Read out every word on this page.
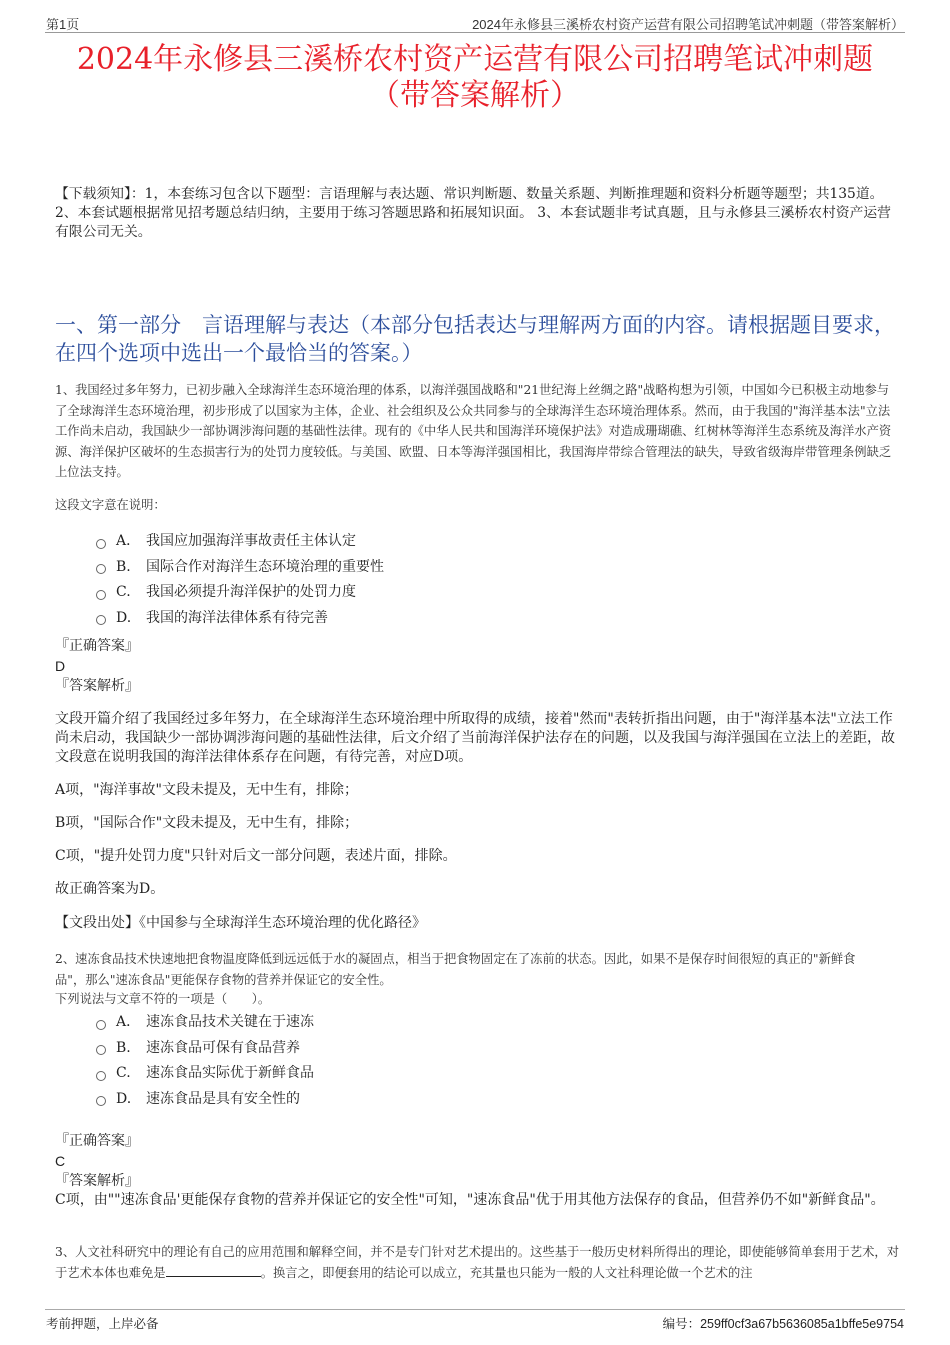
第1页	2024年永修县三溪桥农村资产运营有限公司招聘笔试冲刺题（带答案解析）
2024年永修县三溪桥农村资产运营有限公司招聘笔试冲刺题
（带答案解析）
【下载须知】：1，本套练习包含以下题型：言语理解与表达题、常识判断题、数量关系题、判断推理题和资料分析题等题型；共135道。 2、本套试题根据常见招考题总结归纳，主要用于练习答题思路和拓展知识面。 3、本套试题非考试真题，且与永修县三溪桥农村资产运营有限公司无关。
一、第一部分　言语理解与表达（本部分包括表达与理解两方面的内容。请根据题目要求，在四个选项中选出一个最恰当的答案。）
1、我国经过多年努力，已初步融入全球海洋生态环境治理的体系，以海洋强国战略和"21世纪海上丝绸之路"战略构想为引领，中国如今已积极主动地参与了全球海洋生态环境治理，初步形成了以国家为主体，企业、社会组织及公众共同参与的全球海洋生态环境治理体系。然而，由于我国的"海洋基本法"立法工作尚未启动，我国缺少一部协调涉海问题的基础性法律。现有的《中华人民共和国海洋环境保护法》对造成珊瑚礁、红树林等海洋生态系统及海洋水产资源、海洋保护区破坏的生态损害行为的处罚力度较低。与美国、欧盟、日本等海洋强国相比，我国海岸带综合管理法的缺失，导致省级海岸带管理条例缺乏上位法支持。
这段文字意在说明：
A． 我国应加强海洋事故责任主体认定
B.	国际合作对海洋生态环境治理的重要性
C.	我国必须提升海洋保护的处罚力度
D.	我国的海洋法律体系有待完善
『正确答案』
D
『答案解析』
文段开篇介绍了我国经过多年努力，在全球海洋生态环境治理中所取得的成绩，接着"然而"表转折指出问题，由于"海洋基本法"立法工作尚未启动，我国缺少一部协调涉海问题的基础性法律，后文介绍了当前海洋保护法存在的问题，以及我国与海洋强国在立法上的差距，故文段意在说明我国的海洋法律体系存在问题，有待完善，对应D项。
A项，"海洋事故"文段未提及，无中生有，排除；
B项，"国际合作"文段未提及，无中生有，排除；
C项，"提升处罚力度"只针对后文一部分问题，表述片面，排除。
故正确答案为D。
【文段出处】《中国参与全球海洋生态环境治理的优化路径》
2、速冻食品技术快速地把食物温度降低到远远低于水的凝固点，相当于把食物固定在了冻前的状态。因此，如果不是保存时间很短的真正的"新鲜食品"，那么"速冻食品"更能保存食物的营养并保证它的安全性。
下列说法与文章不符的一项是（　　）。
A． 速冻食品技术关键在于速冻
B.	速冻食品可保有食品营养
C.	速冻食品实际优于新鲜食品
D.	速冻食品是具有安全性的
『正确答案』
C
『答案解析』
C项，由""速冻食品'更能保存食物的营养并保证它的安全性"可知，"速冻食品"优于用其他方法保存的食品，但营养仍不如"新鲜食品"。
3、人文社科研究中的理论有自己的应用范围和解释空间，并不是专门针对艺术提出的。这些基于一般历史材料所得出的理论，即使能够简单套用于艺术，对于艺术本体也难免是	。换言之，即便套用的结论可以成立，充其量也只能为一般的人文社科理论做一个艺术的注
考前押题，上岸必备	编号：259ff0cf3a67b5636085a1bffe5e9754
